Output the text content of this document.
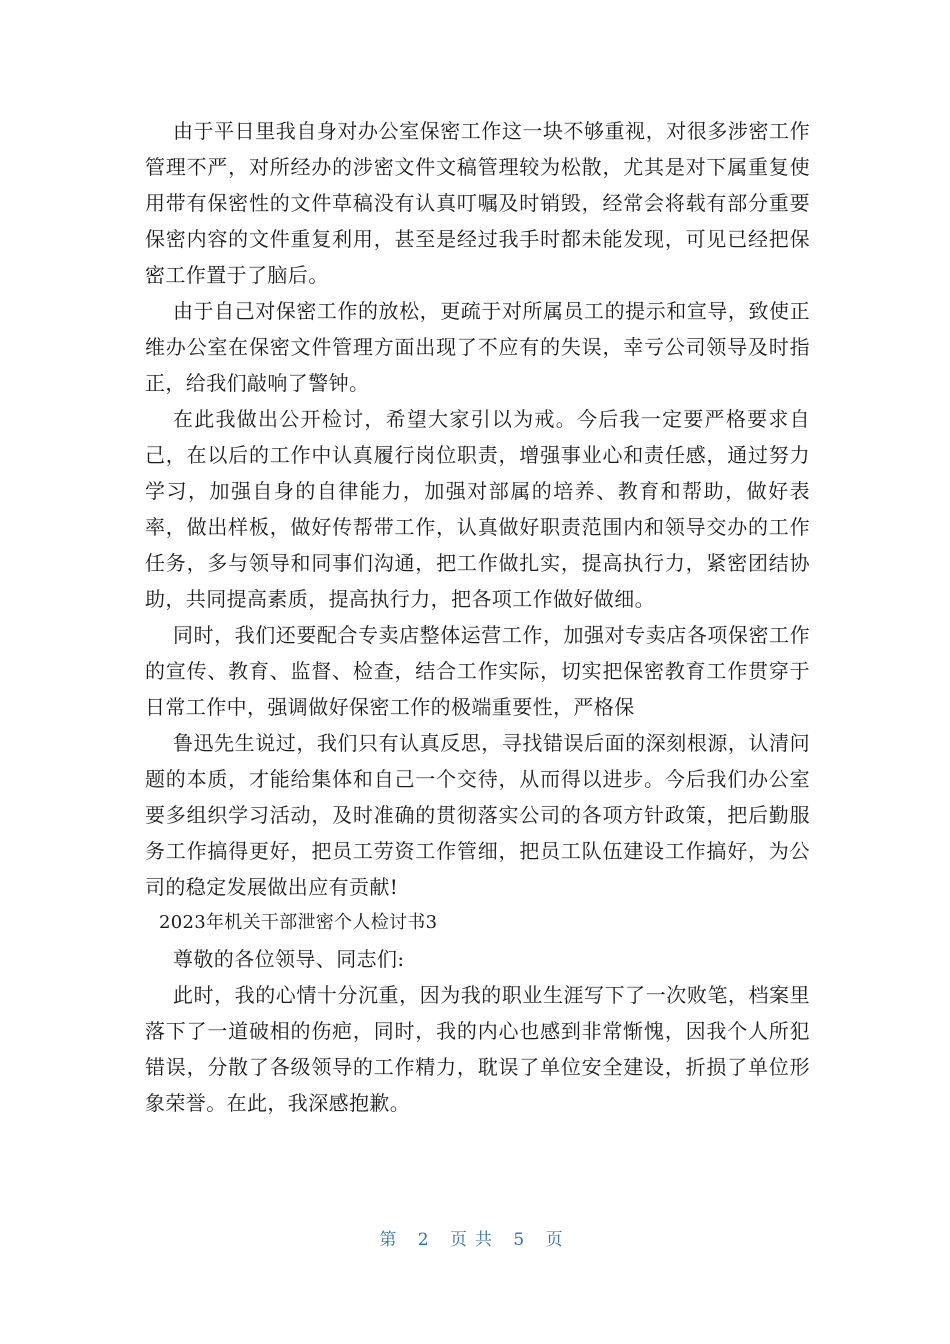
由于平日里我自身对办公室保密工作这一块不够重视，对很多涉密工作管理不严，对所经办的涉密文件文稿管理较为松散，尤其是对下属重复使用带有保密性的文件草稿没有认真叮嘱及时销毁，经常会将载有部分重要保密内容的文件重复利用，甚至是经过我手时都未能发现，可见已经把保密工作置于了脑后。

由于自己对保密工作的放松，更疏于对所属员工的提示和宣导，致使正维办公室在保密文件管理方面出现了不应有的失误，幸亏公司领导及时指正，给我们敲响了警钟。

在此我做出公开检讨，希望大家引以为戒。今后我一定要严格要求自己，在以后的工作中认真履行岗位职责，增强事业心和责任感，通过努力学习，加强自身的自律能力，加强对部属的培养、教育和帮助，做好表率，做出样板，做好传帮带工作，认真做好职责范围内和领导交办的工作任务，多与领导和同事们沟通，把工作做扎实，提高执行力，紧密团结协助，共同提高素质，提高执行力，把各项工作做好做细。

同时，我们还要配合专卖店整体运营工作，加强对专卖店各项保密工作的宣传、教育、监督、检查，结合工作实际，切实把保密教育工作贯穿于日常工作中，强调做好保密工作的极端重要性，严格保

鲁迅先生说过，我们只有认真反思，寻找错误后面的深刻根源，认清问题的本质，才能给集体和自己一个交待，从而得以进步。今后我们办公室要多组织学习活动，及时准确的贯彻落实公司的各项方针政策，把后勤服务工作搞得更好，把员工劳资工作管细，把员工队伍建设工作搞好，为公司的稳定发展做出应有贡献!

2023年机关干部泄密个人检讨书3

尊敬的各位领导、同志们:

此时，我的心情十分沉重，因为我的职业生涯写下了一次败笔，档案里落下了一道破相的伤疤，同时，我的内心也感到非常惭愧，因我个人所犯错误，分散了各级领导的工作精力，耽误了单位安全建设，折损了单位形象荣誉。在此，我深感抱歉。

第 2 页共 5 页
